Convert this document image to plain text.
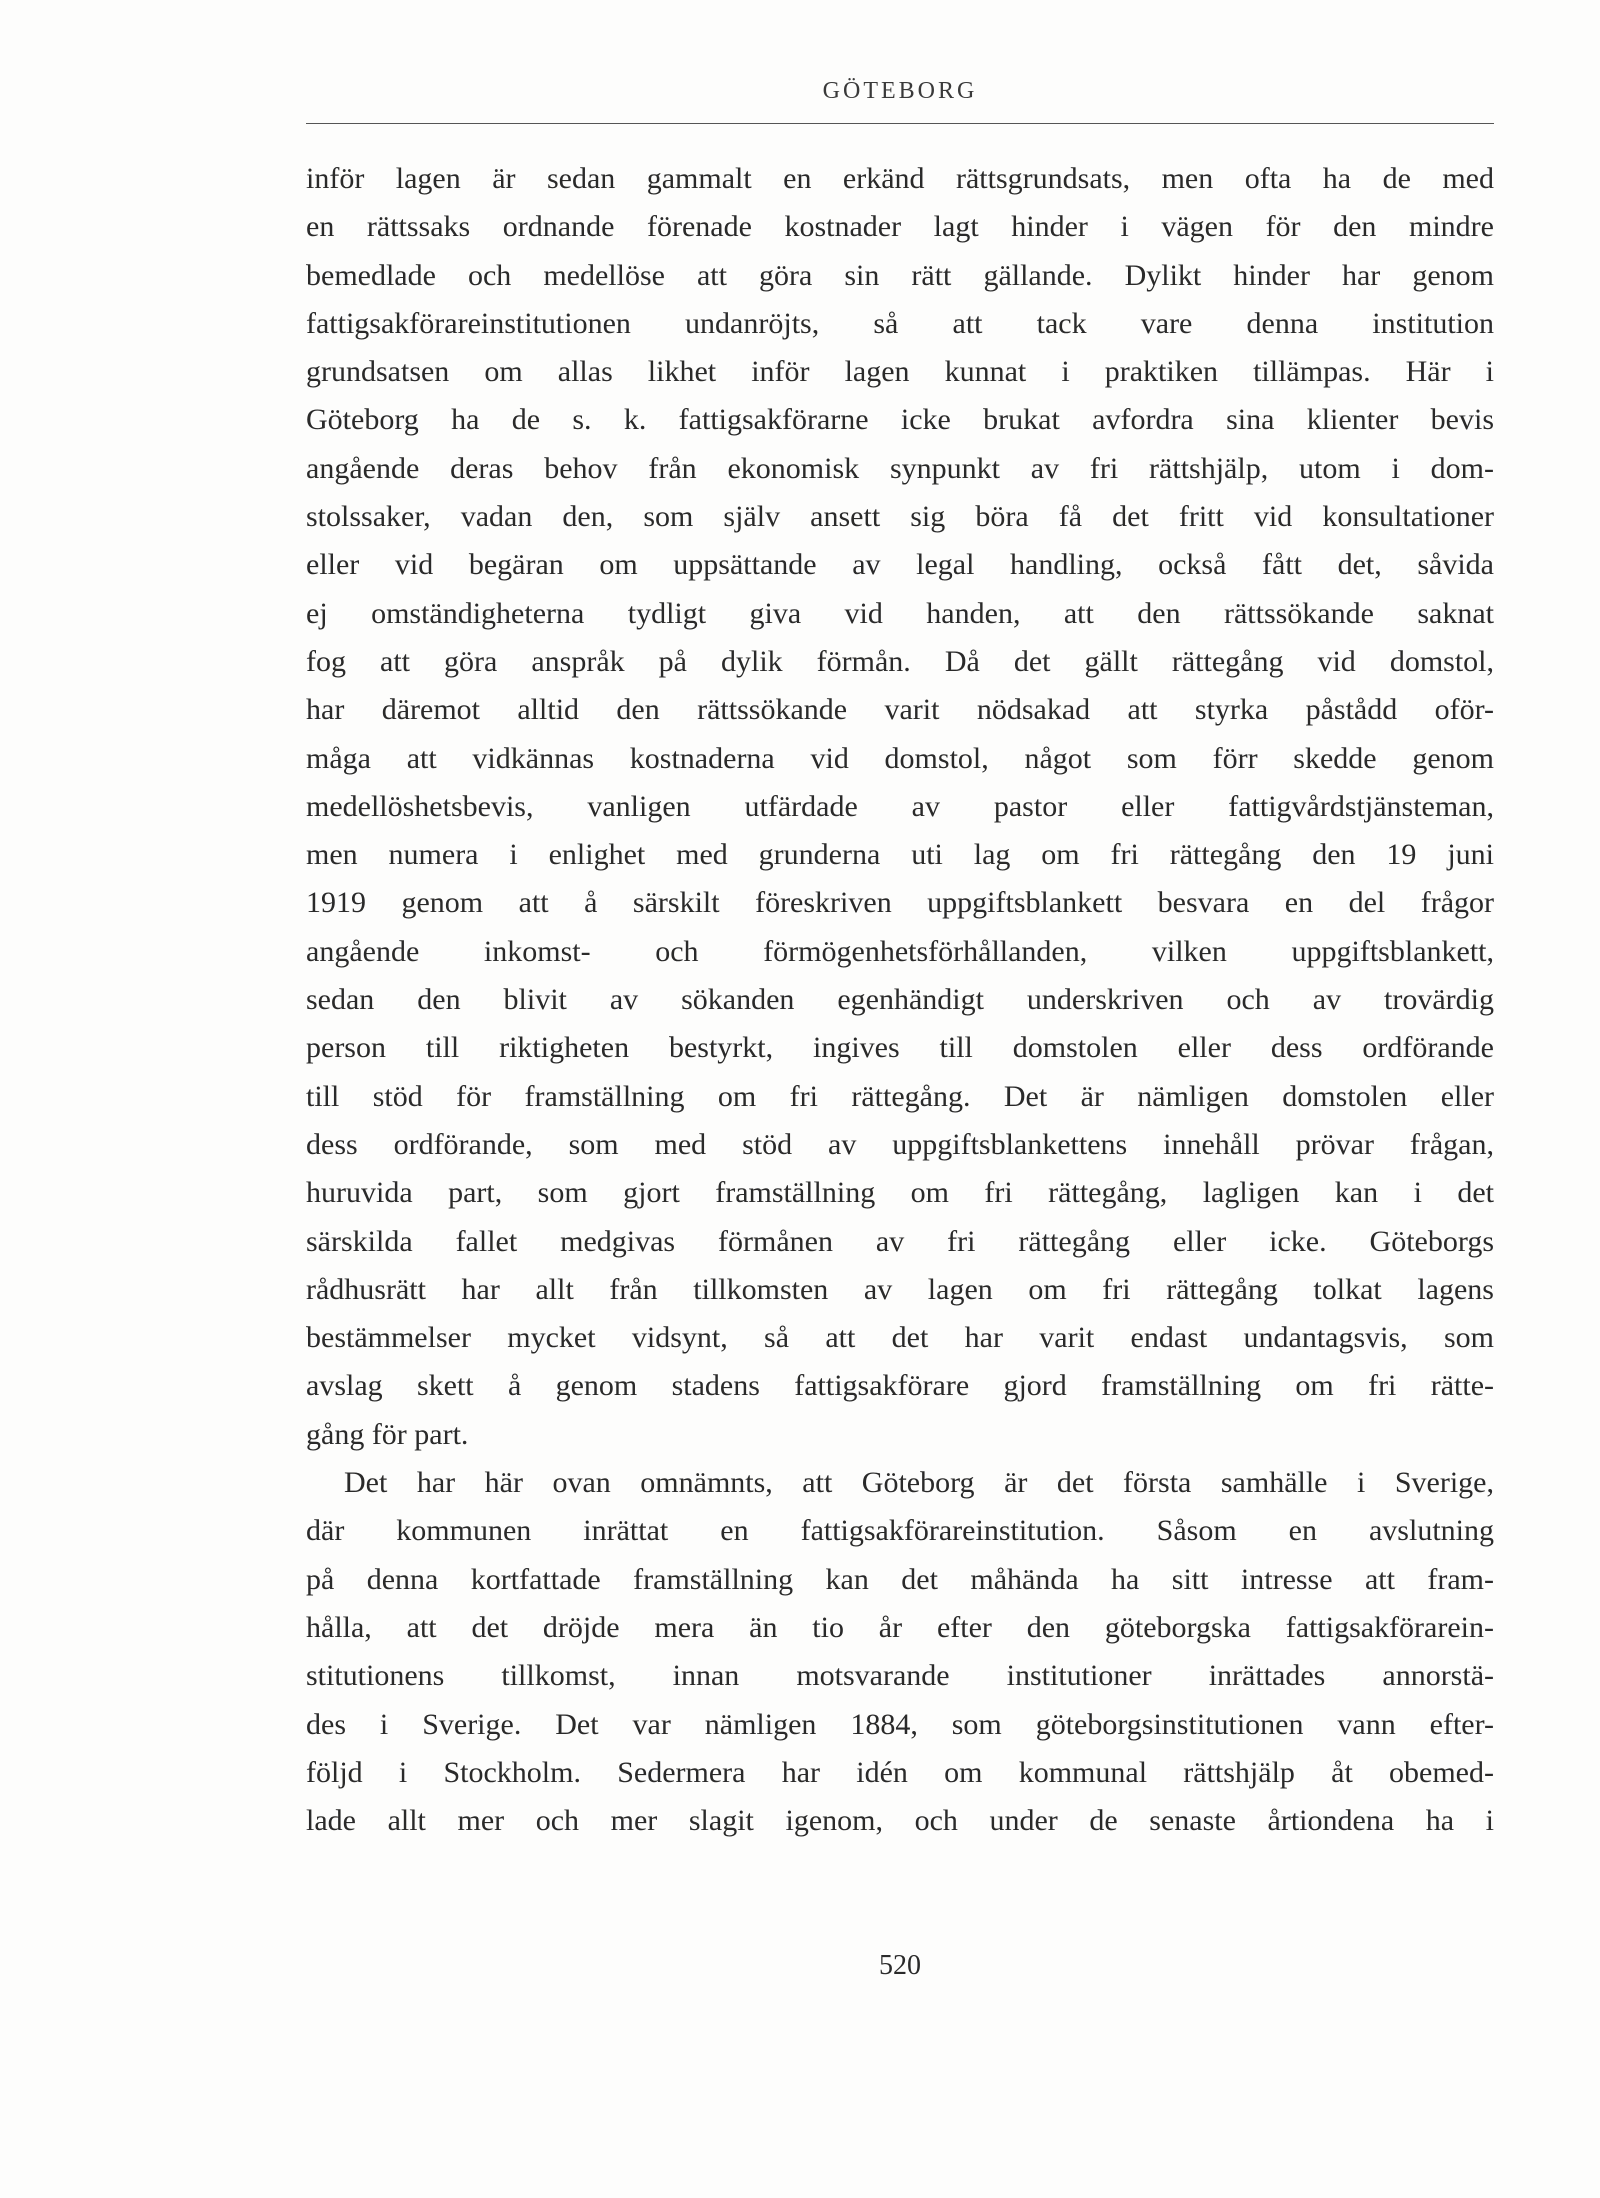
GÖTEBORG
inför lagen är sedan gammalt en erkänd rättsgrundsats, men ofta ha de med
en rättssaks ordnande förenade kostnader lagt hinder i vägen för den mindre
bemedlade och medellöse att göra sin rätt gällande. Dylikt hinder har genom
fattigsakförareinstitutionen undanröjts, så att tack vare denna institution
grundsatsen om allas likhet inför lagen kunnat i praktiken tillämpas. Här i
Göteborg ha de s. k. fattigsakförarne icke brukat avfordra sina klienter bevis
angående deras behov från ekonomisk synpunkt av fri rättshjälp, utom i dom-
stolssaker, vadan den, som själv ansett sig böra få det fritt vid konsultationer
eller vid begäran om uppsättande av legal handling, också fått det, såvida
ej omständigheterna tydligt giva vid handen, att den rättssökande saknat
fog att göra anspråk på dylik förmån. Då det gällt rättegång vid domstol,
har däremot alltid den rättssökande varit nödsakad att styrka påstådd oför-
måga att vidkännas kostnaderna vid domstol, något som förr skedde genom
medellöshetsbevis, vanligen utfärdade av pastor eller fattigvårdstjänsteman,
men numera i enlighet med grunderna uti lag om fri rättegång den 19 juni
1919 genom att å särskilt föreskriven uppgiftsblankett besvara en del frågor
angående inkomst- och förmögenhetsförhållanden, vilken uppgiftsblankett,
sedan den blivit av sökanden egenhändigt underskriven och av trovärdig
person till riktigheten bestyrkt, ingives till domstolen eller dess ordförande
till stöd för framställning om fri rättegång. Det är nämligen domstolen eller
dess ordförande, som med stöd av uppgiftsblankettens innehåll prövar frågan,
huruvida part, som gjort framställning om fri rättegång, lagligen kan i det
särskilda fallet medgivas förmånen av fri rättegång eller icke. Göteborgs
rådhusrätt har allt från tillkomsten av lagen om fri rättegång tolkat lagens
bestämmelser mycket vidsynt, så att det har varit endast undantagsvis, som
avslag skett å genom stadens fattigsakförare gjord framställning om fri rätte-
gång för part.
Det har här ovan omnämnts, att Göteborg är det första samhälle i Sverige,
där kommunen inrättat en fattigsakförareinstitution. Såsom en avslutning
på denna kortfattade framställning kan det måhända ha sitt intresse att fram-
hålla, att det dröjde mera än tio år efter den göteborgska fattigsakförarein-
stitutionens tillkomst, innan motsvarande institutioner inrättades annorstä-
des i Sverige. Det var nämligen 1884, som göteborgsinstitutionen vann efter-
följd i Stockholm. Sedermera har idén om kommunal rättshjälp åt obemed-
lade allt mer och mer slagit igenom, och under de senaste årtiondena ha i
520
